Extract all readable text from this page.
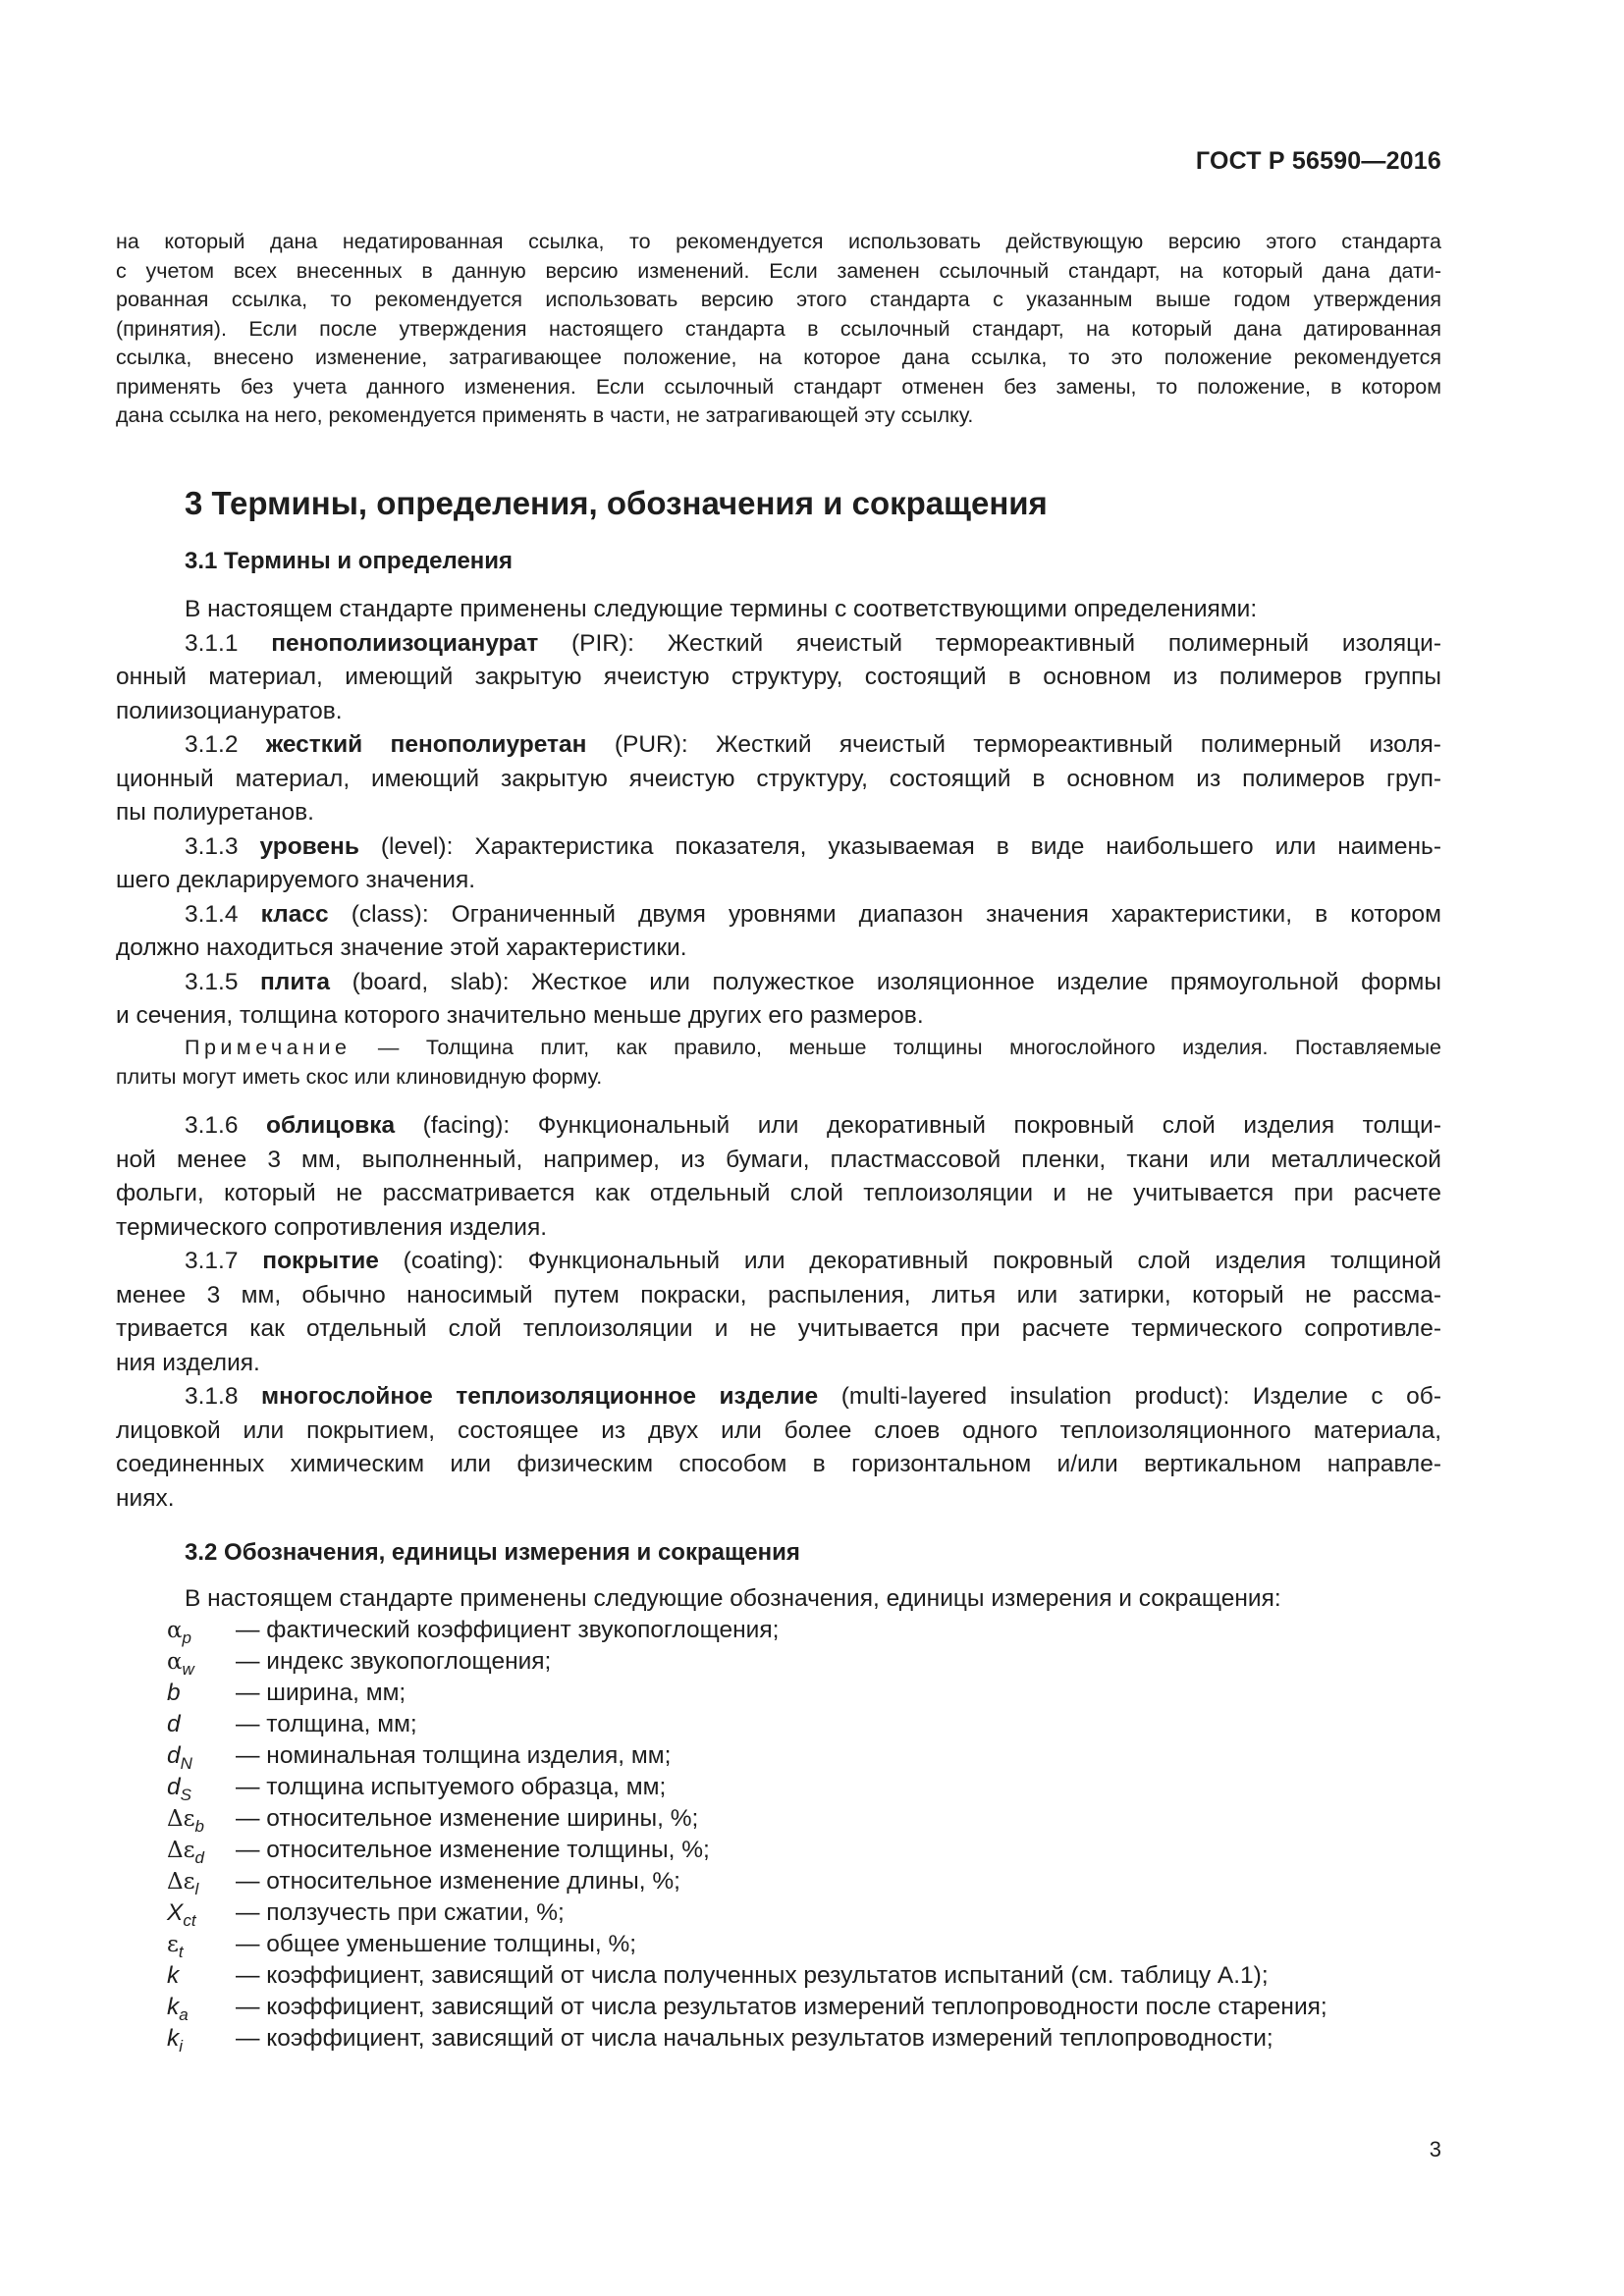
ГОСТ Р 56590—2016
на который дана недатированная ссылка, то рекомендуется использовать действующую версию этого стандарта
с учетом всех внесенных в данную версию изменений. Если заменен ссылочный стандарт, на который дана дати-
рованная ссылка, то рекомендуется использовать версию этого стандарта с указанным выше годом утверждения
(принятия). Если после утверждения настоящего стандарта в ссылочный стандарт, на который дана датированная
ссылка, внесено изменение, затрагивающее положение, на которое дана ссылка, то это положение рекомендуется
применять без учета данного изменения. Если ссылочный стандарт отменен без замены, то положение, в котором
дана ссылка на него, рекомендуется применять в части, не затрагивающей эту ссылку.
3 Термины, определения, обозначения и сокращения
3.1 Термины и определения
В настоящем стандарте применены следующие термины с соответствующими определениями:
3.1.1 пенополиизоцианурат (PIR): Жесткий ячеистый термореактивный полимерный изоляци-
онный материал, имеющий закрытую ячеистую структуру, состоящий в основном из полимеров группы
полиизоциануратов.
3.1.2 жесткий пенополиуретан (PUR): Жесткий ячеистый термореактивный полимерный изоля-
ционный материал, имеющий закрытую ячеистую структуру, состоящий в основном из полимеров груп-
пы полиуретанов.
3.1.3 уровень (level): Характеристика показателя, указываемая в виде наибольшего или наимень-
шего декларируемого значения.
3.1.4 класс (class): Ограниченный двумя уровнями диапазон значения характеристики, в котором
должно находиться значение этой характеристики.
3.1.5 плита (board, slab): Жесткое или полужесткое изоляционное изделие прямоугольной формы
и сечения, толщина которого значительно меньше других его размеров.
Примечание — Толщина плит, как правило, меньше толщины многослойного изделия. Поставляемые
плиты могут иметь скос или клиновидную форму.
3.1.6 облицовка (facing): Функциональный или декоративный покровный слой изделия толщи-
ной менее 3 мм, выполненный, например, из бумаги, пластмассовой пленки, ткани или металлической
фольги, который не рассматривается как отдельный слой теплоизоляции и не учитывается при расчете
термического сопротивления изделия.
3.1.7 покрытие (coating): Функциональный или декоративный покровный слой изделия толщиной
менее 3 мм, обычно наносимый путем покраски, распыления, литья или затирки, который не рассма-
тривается как отдельный слой теплоизоляции и не учитывается при расчете термического сопротивле-
ния изделия.
3.1.8 многослойное теплоизоляционное изделие (multi-layered insulation product): Изделие с об-
лицовкой или покрытием, состоящее из двух или более слоев одного теплоизоляционного материала,
соединенных химическим или физическим способом в горизонтальном и/или вертикальном направле-
ниях.
3.2 Обозначения, единицы измерения и сокращения
В настоящем стандарте применены следующие обозначения, единицы измерения и сокращения:
$\alpha_p$ — фактический коэффициент звукопоглощения;
$\alpha_w$ — индекс звукопоглощения;
b — ширина, мм;
d — толщина, мм;
$d_N$ — номинальная толщина изделия, мм;
$d_S$ — толщина испытуемого образца, мм;
$\Delta\varepsilon_b$ — относительное изменение ширины, %;
$\Delta\varepsilon_d$ — относительное изменение толщины, %;
$\Delta\varepsilon_l$ — относительное изменение длины, %;
$X_{ct}$ — ползучесть при сжатии, %;
$\varepsilon_t$ — общее уменьшение толщины, %;
k — коэффициент, зависящий от числа полученных результатов испытаний (см. таблицу А.1);
$k_a$ — коэффициент, зависящий от числа результатов измерений теплопроводности после старения;
$k_i$ — коэффициент, зависящий от числа начальных результатов измерений теплопроводности;
3
